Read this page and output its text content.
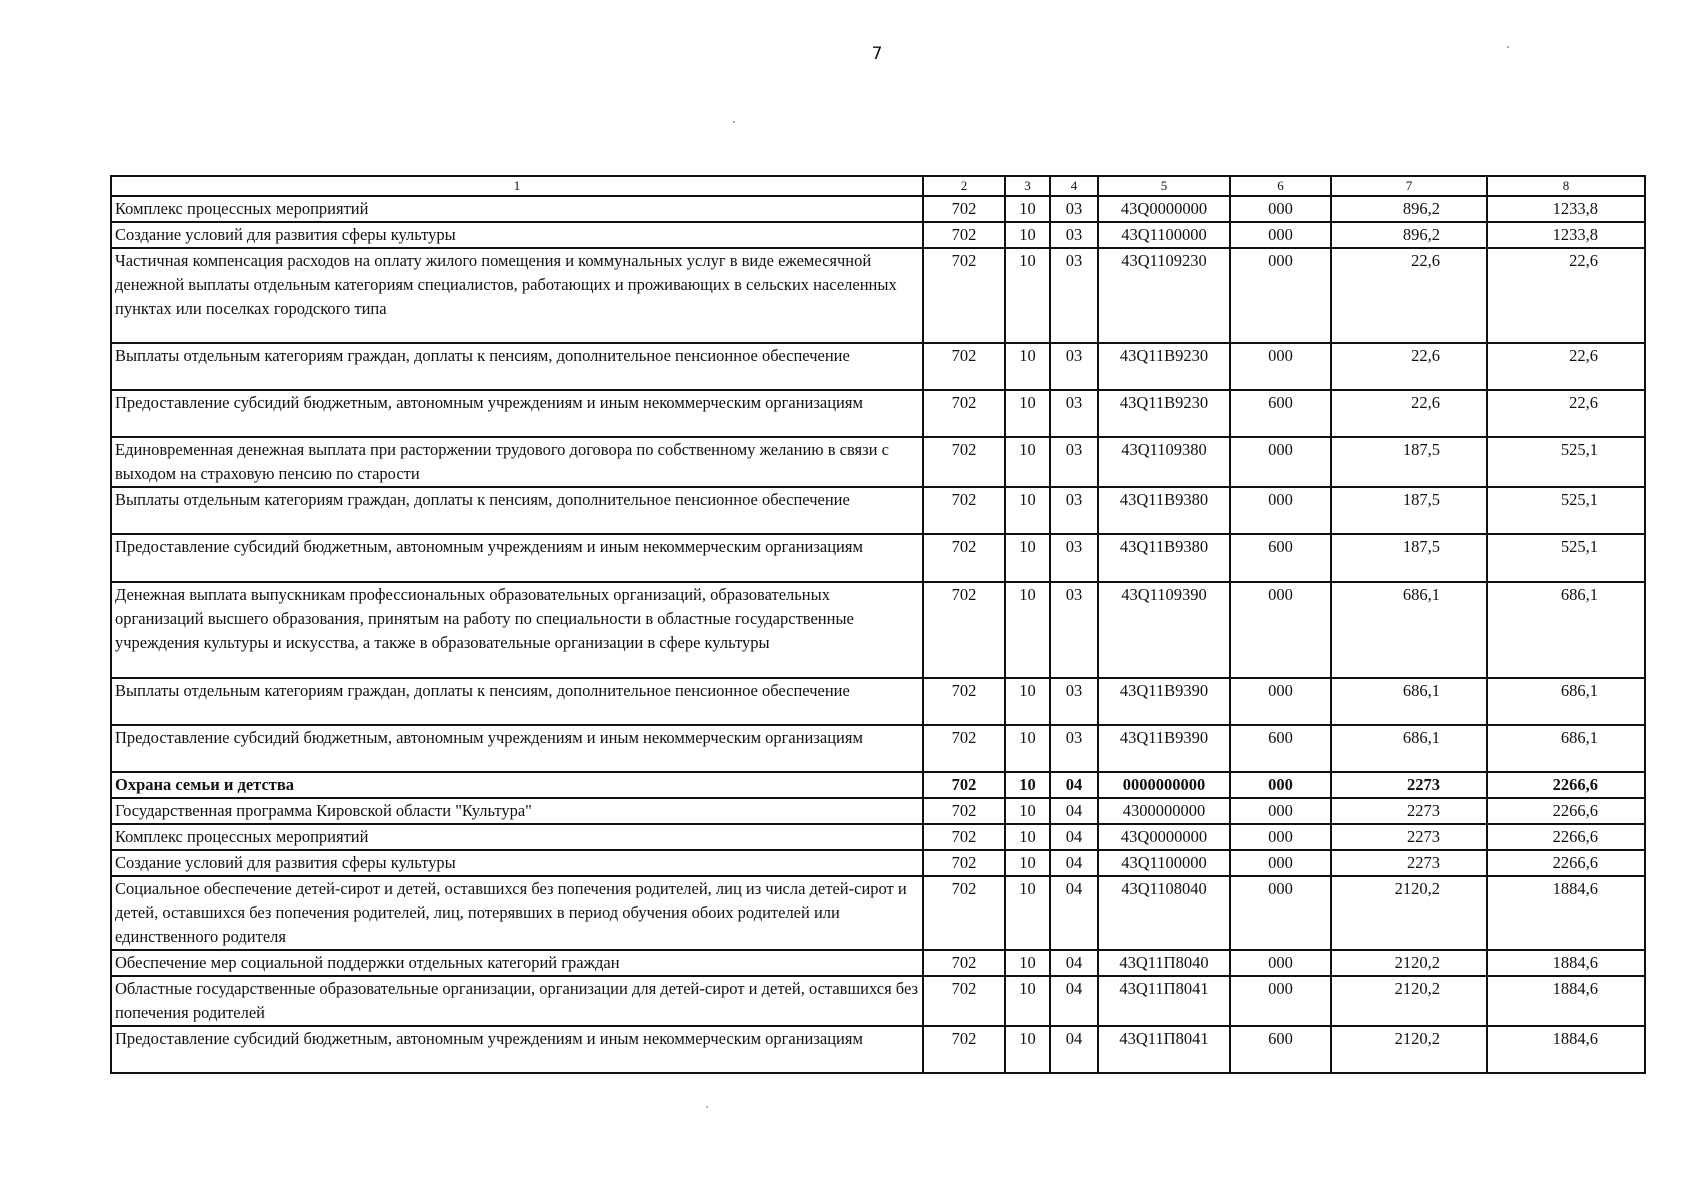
7
1	2	3	4	5	6	7	8
Комплекс процессных мероприятий	702	10	03	43Q0000000	000	896,2	1233,8
Создание условий для развития сферы культуры	702	10	03	43Q1100000	000	896,2	1233,8
Частичная компенсация расходов на оплату жилого помещения и коммунальных услуг в виде ежемесячной денежной выплаты отдельным категориям специалистов, работающих и проживающих в сельских населенных пунктах или поселках городского типа	702	10	03	43Q1109230	000	22,6	22,6
Выплаты отдельным категориям граждан, доплаты к пенсиям, дополнительное пенсионное обеспечение	702	10	03	43Q11B9230	000	22,6	22,6
Предоставление субсидий бюджетным, автономным учреждениям и иным некоммерческим организациям	702	10	03	43Q11B9230	600	22,6	22,6
Единовременная денежная выплата при расторжении трудового договора по собственному желанию в связи с выходом на страховую пенсию по старости	702	10	03	43Q1109380	000	187,5	525,1
Выплаты отдельным категориям граждан, доплаты к пенсиям, дополнительное пенсионное обеспечение	702	10	03	43Q11B9380	000	187,5	525,1
Предоставление субсидий бюджетным, автономным учреждениям и иным некоммерческим организациям	702	10	03	43Q11B9380	600	187,5	525,1
Денежная выплата выпускникам профессиональных образовательных организаций, образовательных организаций высшего образования, принятым на работу по специальности в областные государственные учреждения культуры и искусства, а также в образовательные организации в сфере культуры	702	10	03	43Q1109390	000	686,1	686,1
Выплаты отдельным категориям граждан, доплаты к пенсиям, дополнительное пенсионное обеспечение	702	10	03	43Q11B9390	000	686,1	686,1
Предоставление субсидий бюджетным, автономным учреждениям и иным некоммерческим организациям	702	10	03	43Q11B9390	600	686,1	686,1
Охрана семьи и детства	702	10	04	0000000000	000	2273	2266,6
Государственная программа Кировской области "Культура"	702	10	04	4300000000	000	2273	2266,6
Комплекс процессных мероприятий	702	10	04	43Q0000000	000	2273	2266,6
Создание условий для развития сферы культуры	702	10	04	43Q1100000	000	2273	2266,6
Социальное обеспечение детей-сирот и детей, оставшихся без попечения родителей, лиц из числа детей-сирот и детей, оставшихся без попечения родителей, лиц, потерявших в период обучения обоих родителей или единственного родителя	702	10	04	43Q1108040	000	2120,2	1884,6
Обеспечение мер социальной поддержки отдельных категорий граждан	702	10	04	43Q11П8040	000	2120,2	1884,6
Областные государственные образовательные организации, организации для детей-сирот и детей, оставшихся без попечения родителей	702	10	04	43Q11П8041	000	2120,2	1884,6
Предоставление субсидий бюджетным, автономным учреждениям и иным некоммерческим организациям	702	10	04	43Q11П8041	600	2120,2	1884,6
